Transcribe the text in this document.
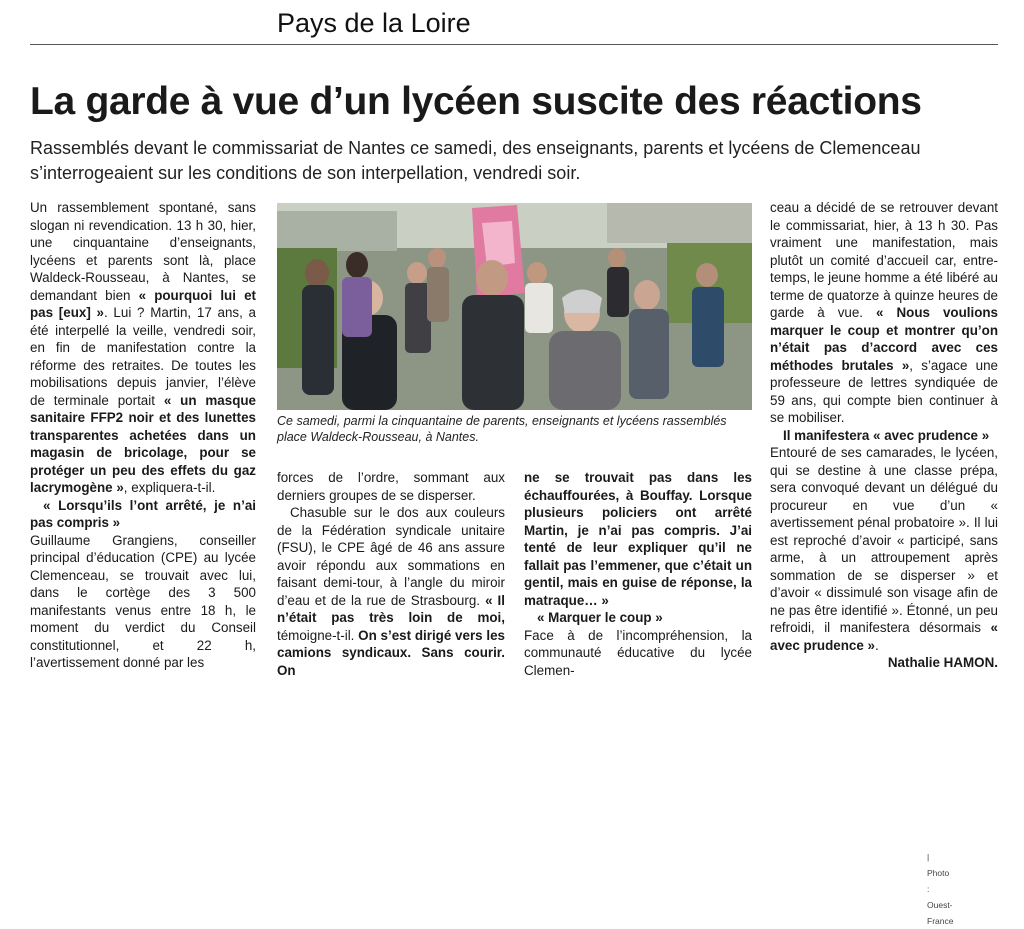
Pays de la Loire
La garde à vue d’un lycéen suscite des réactions
Rassemblés devant le commissariat de Nantes ce samedi, des enseignants, parents et lycéens de Clemenceau s’interrogeaient sur les conditions de son interpellation, vendredi soir.

Un rassemblement spontané, sans slogan ni revendication. 13 h 30, hier, une cinquantaine d’enseignants, lycéens et parents sont là, place Waldeck-Rousseau, à Nantes, se demandant bien « pourquoi lui et pas [eux] ». Lui ? Martin, 17 ans, a été interpellé la veille, vendredi soir, en fin de manifestation contre la réforme des retraites. De toutes les mobilisations depuis janvier, l’élève de terminale portait « un masque sanitaire FFP2 noir et des lunettes transparentes achetées dans un magasin de bricolage, pour se protéger un peu des effets du gaz lacrymogène », expliquera-t-il.

« Lorsqu’ils l’ont arrêté, je n’ai pas compris »

Guillaume Grangiens, conseiller principal d’éducation (CPE) au lycée Clemenceau, se trouvait avec lui, dans le cortège des 3 500 manifestants venus entre 18 h, le moment du verdict du Conseil constitutionnel, et 22 h, l’avertissement donné par les

Ce samedi, parmi la cinquantaine de parents, enseignants et lycéens rassemblés place Waldeck-Rousseau, à Nantes.
| Photo : Ouest-France

forces de l’ordre, sommant aux derniers groupes de se disperser.

Chasuble sur le dos aux couleurs de la Fédération syndicale unitaire (FSU), le CPE âgé de 46 ans assure avoir répondu aux sommations en faisant demi-tour, à l’angle du miroir d’eau et de la rue de Strasbourg. « Il n’était pas très loin de moi, témoigne-t-il. On s’est dirigé vers les camions syndicaux. Sans courir. On

ne se trouvait pas dans les échauffourées, à Bouffay. Lorsque plusieurs policiers ont arrêté Martin, je n’ai pas compris. J’ai tenté de leur expliquer qu’il ne fallait pas l’emmener, que c’était un gentil, mais en guise de réponse, la matraque… »

« Marquer le coup »

Face à de l’incompréhension, la communauté éducative du lycée Clemen-

ceau a décidé de se retrouver devant le commissariat, hier, à 13 h 30. Pas vraiment une manifestation, mais plutôt un comité d’accueil car, entre-temps, le jeune homme a été libéré au terme de quatorze à quinze heures de garde à vue. « Nous voulions marquer le coup et montrer qu’on n’était pas d’accord avec ces méthodes brutales », s’agace une professeure de lettres syndiquée de 59 ans, qui compte bien continuer à se mobiliser.

Il manifestera « avec prudence »

Entouré de ses camarades, le lycéen, qui se destine à une classe prépa, sera convoqué devant un délégué du procureur en vue d’un « avertissement pénal probatoire ». Il lui est reproché d’avoir « participé, sans arme, à un attroupement après sommation de se disperser » et d’avoir « dissimulé son visage afin de ne pas être identifié ». Étonné, un peu refroidi, il manifestera désormais « avec prudence ».

Nathalie HAMON.
